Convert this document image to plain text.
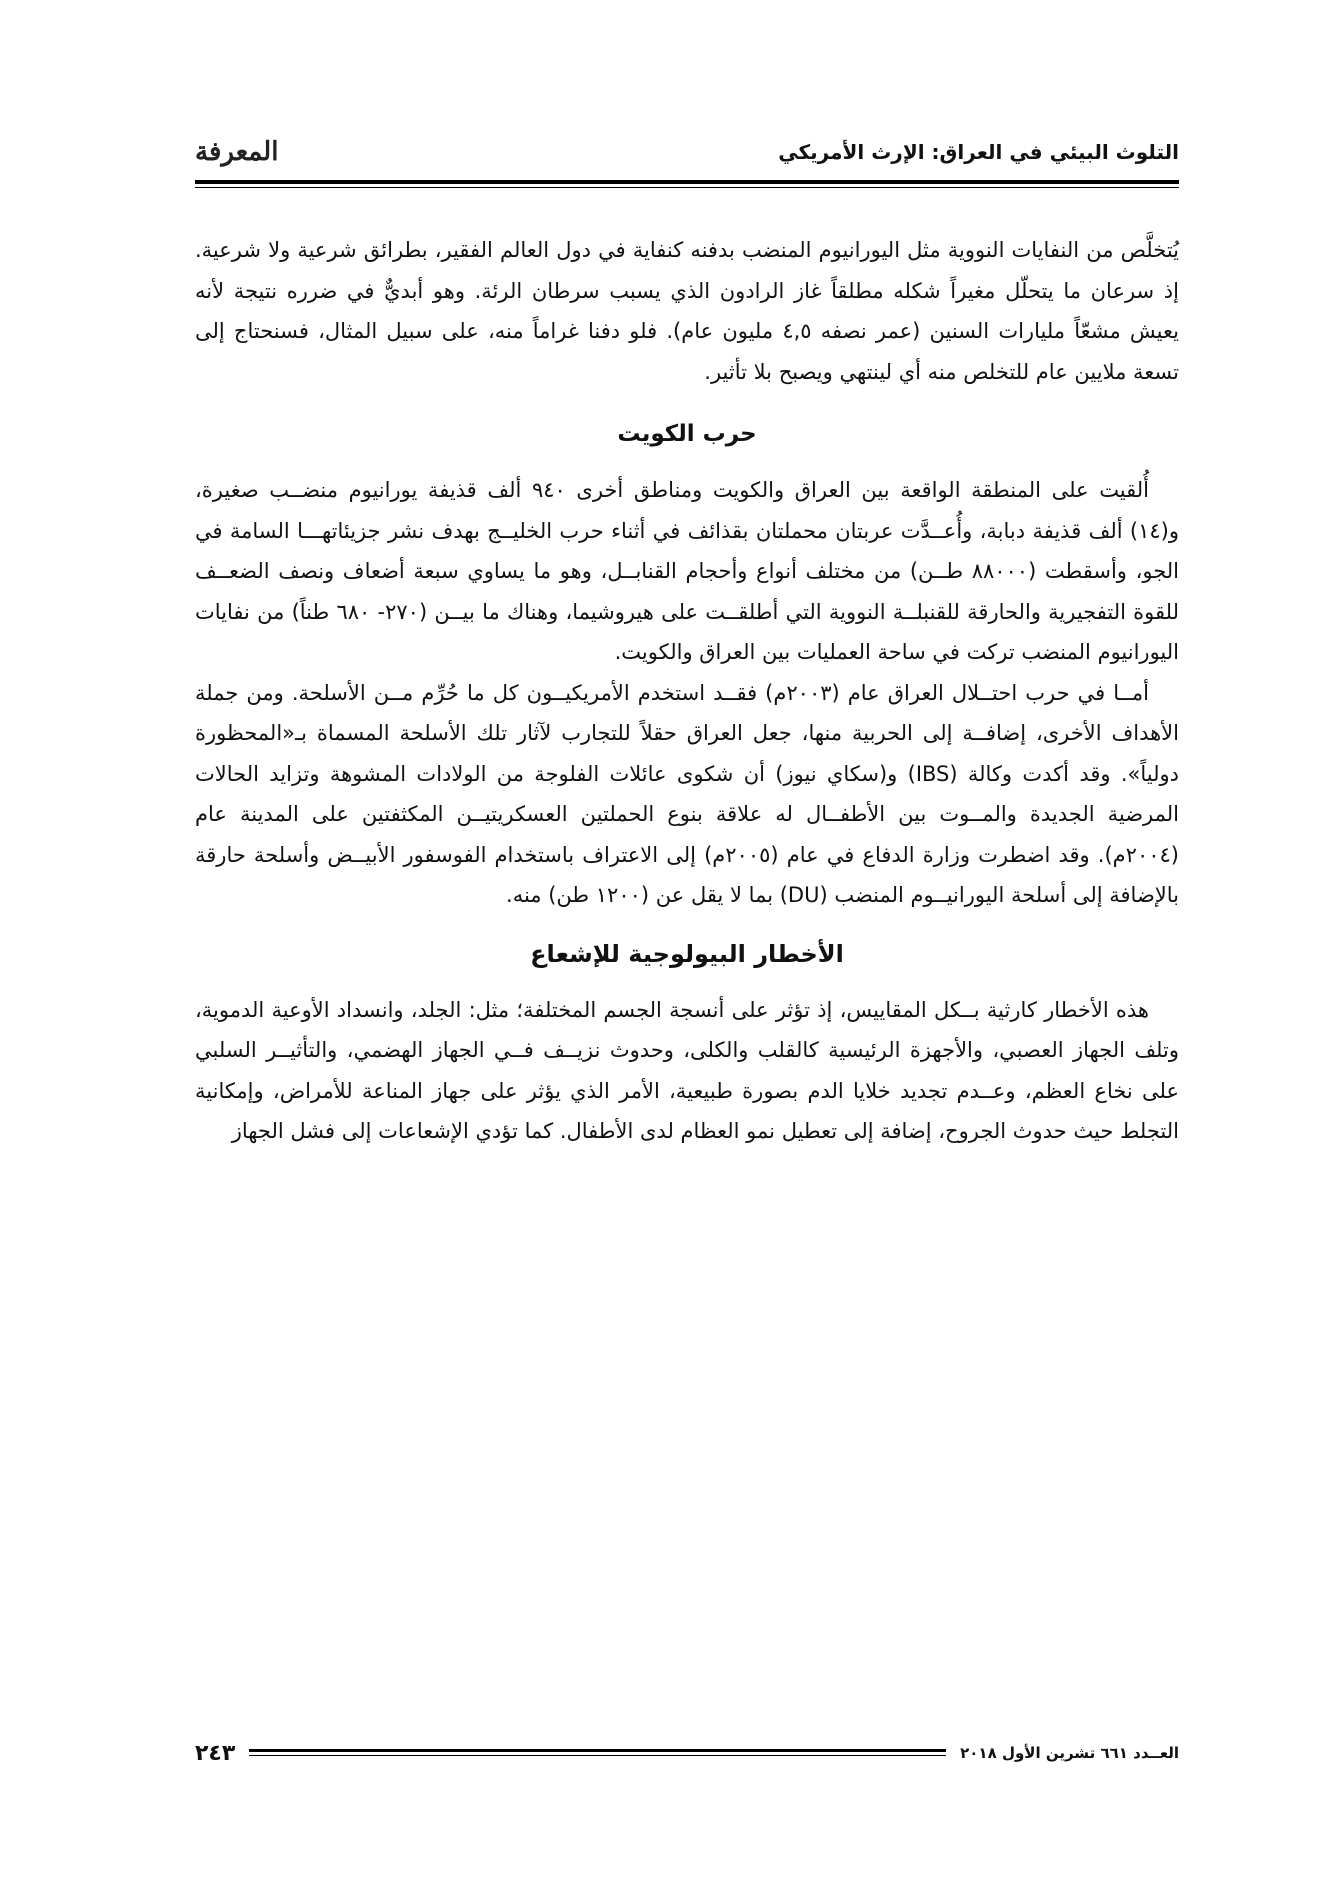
التلوث البيئي في العراق: الإرث الأمريكي
المعرفة

يُتخلَّص من النفايات النووية مثل اليورانيوم المنضب بدفنه كنفاية في دول العالم الفقير، بطرائق شرعية ولا شرعية. إذ سرعان ما يتحلّل مغيراً شكله مطلقاً غاز الرادون الذي يسبب سرطان الرئة. وهو أبديٌّ في ضرره نتيجة لأنه يعيش مشعّاً مليارات السنين (عمر نصفه ٤,٥ مليون عام). فلو دفنا غراماً منه، على سبيل المثال، فسنحتاج إلى تسعة ملايين عام للتخلص منه أي لينتهي ويصبح بلا تأثير.

حرب الكويت

أُلقيت على المنطقة الواقعة بين العراق والكويت ومناطق أخرى ٩٤٠ ألف قذيفة يورانيوم منضــب صغيرة، و(١٤) ألف قذيفة دبابة، وأُعــدَّت عربتان محملتان بقذائف في أثناء حرب الخليــج بهدف نشر جزيئاتهـــا السامة في الجو، وأسقطت (٨٨٠٠٠ طــن) من مختلف أنواع وأحجام القنابــل، وهو ما يساوي سبعة أضعاف ونصف الضعــف للقوة التفجيرية والحارقة للقنبلــة النووية التي أطلقــت على هيروشيما، وهناك ما بيــن (٢٧٠- ٦٨٠ طناً) من نفايات اليورانيوم المنضب تركت في ساحة العمليات بين العراق والكويت.

أمــا في حرب احتــلال العراق عام (٢٠٠٣م) فقــد استخدم الأمريكيــون كل ما حُرِّم مــن الأسلحة. ومن جملة الأهداف الأخرى، إضافــة إلى الحربية منها، جعل العراق حقلاً للتجارب لآثار تلك الأسلحة المسماة بـ«المحظورة دولياً». وقد أكدت وكالة (IBS) و(سكاي نيوز) أن شكوى عائلات الفلوجة من الولادات المشوهة وتزايد الحالات المرضية الجديدة والمــوت بين الأطفــال له علاقة بنوع الحملتين العسكريتيــن المكثفتين على المدينة عام (٢٠٠٤م). وقد اضطرت وزارة الدفاع في عام (٢٠٠٥م) إلى الاعتراف باستخدام الفوسفور الأبيــض وأسلحة حارقة بالإضافة إلى أسلحة اليورانيــوم المنضب (DU) بما لا يقل عن (١٢٠٠ طن) منه.

الأخطار البيولوجية للإشعاع

هذه الأخطار كارثية بــكل المقاييس، إذ تؤثر على أنسجة الجسم المختلفة؛ مثل: الجلد، وانسداد الأوعية الدموية، وتلف الجهاز العصبي، والأجهزة الرئيسية كالقلب والكلى، وحدوث نزيــف فــي الجهاز الهضمي، والتأثيــر السلبي على نخاع العظم، وعــدم تجديد خلايا الدم بصورة طبيعية، الأمر الذي يؤثر على جهاز المناعة للأمراض، وإمكانية التجلط حيث حدوث الجروح، إضافة إلى تعطيل نمو العظام لدى الأطفال. كما تؤدي الإشعاعات إلى فشل الجهاز

العــدد ٦٦١ تشرين الأول ٢٠١٨
٢٤٣
